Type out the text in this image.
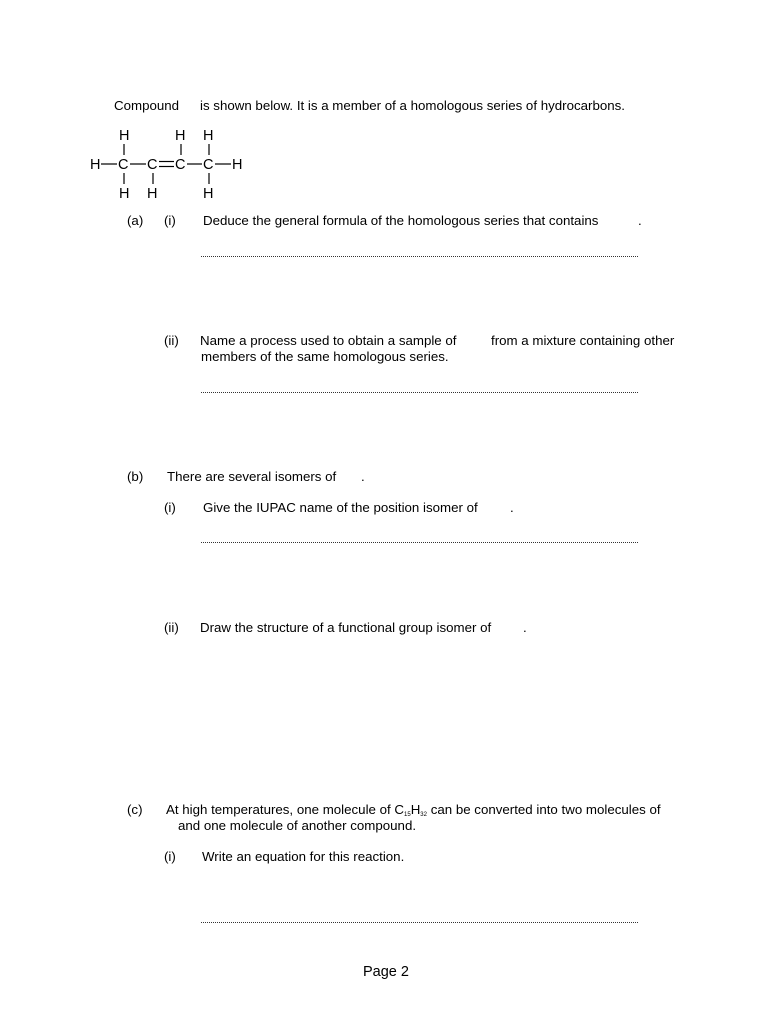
Compound is shown below. It is a member of a homologous series of hydrocarbons.
H	H H
H C C C C H
H H	H
(a) (i) Deduce the general formula of the homologous series that contains	.
(ii) Name a process used to obtain a sample of	from a mixture containing other
members of the same homologous series.
(b) There are several isomers of .
(i) Give the IUPAC name of the position isomer of .
(ii) Draw the structure of a functional group isomer of .
(c) At high temperatures, one molecule of $C_{15}H_{32}$ can be converted into two molecules of
and one molecule of another compound.
(i) Write an equation for this reaction.
Page 2
